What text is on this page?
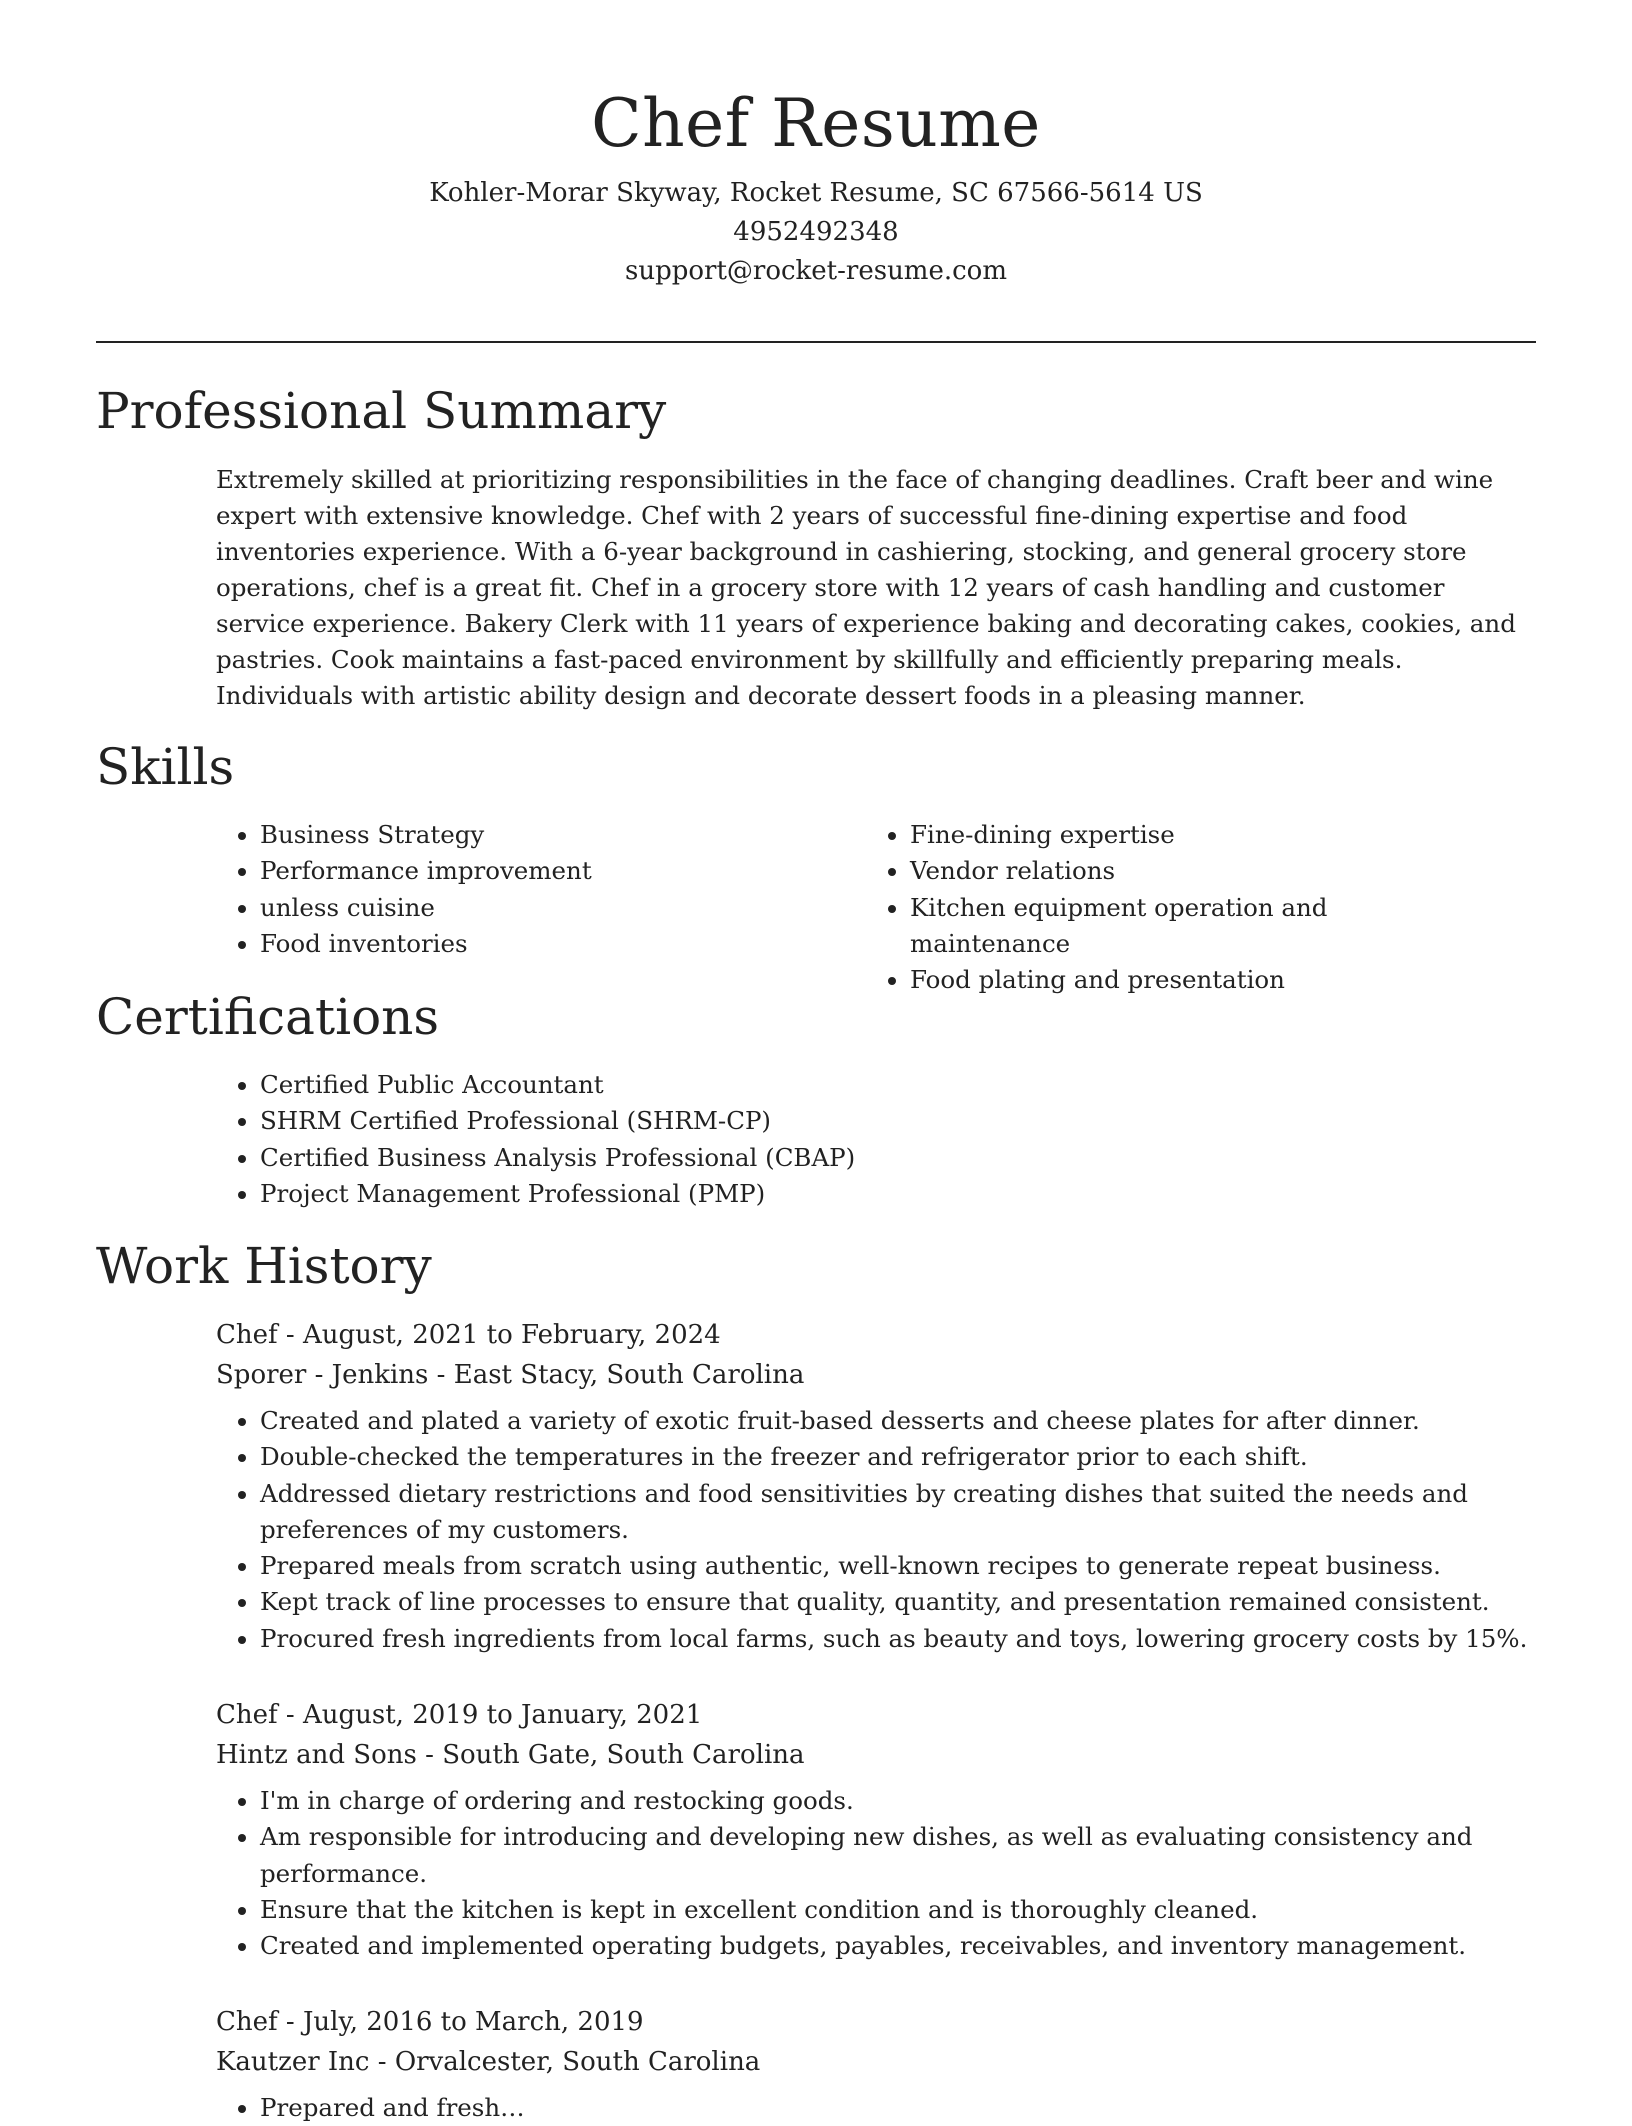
Chef Resume

Kohler-Morar Skyway, Rocket Resume, SC 67566-5614 US

4952492348

support@rocket-resume.com

Professional Summary

Extremely skilled at prioritizing responsibilities in the face of changing deadlines. Craft beer and wine expert with extensive knowledge. Chef with 2 years of successful fine-dining expertise and food inventories experience. With a 6-year background in cashiering, stocking, and general grocery store operations, chef is a great fit. Chef in a grocery store with 12 years of cash handling and customer service experience. Bakery Clerk with 11 years of experience baking and decorating cakes, cookies, and pastries. Cook maintains a fast-paced environment by skillfully and efficiently preparing meals. Individuals with artistic ability design and decorate dessert foods in a pleasing manner.

Skills
• Business Strategy
• Performance improvement
• unless cuisine
• Food inventories
• Fine-dining expertise
• Vendor relations
• Kitchen equipment operation and maintenance
• Food plating and presentation
Certifications
• Certified Public Accountant
• SHRM Certified Professional (SHRM-CP)
• Certified Business Analysis Professional (CBAP)
• Project Management Professional (PMP)
Work History

Chef - August, 2021 to February, 2024

Sporer - Jenkins - East Stacy, South Carolina

• Created and plated a variety of exotic fruit-based desserts and cheese plates for after dinner.
• Double-checked the temperatures in the freezer and refrigerator prior to each shift.
• Addressed dietary restrictions and food sensitivities by creating dishes that suited the needs and preferences of my customers.
• Prepared meals from scratch using authentic, well-known recipes to generate repeat business.
• Kept track of line processes to ensure that quality, quantity, and presentation remained consistent.
• Procured fresh ingredients from local farms, such as beauty and toys, lowering grocery costs by 15%.

Chef - August, 2019 to January, 2021

Hintz and Sons - South Gate, South Carolina

• I'm in charge of ordering and restocking goods.
• Am responsible for introducing and developing new dishes, as well as evaluating consistency and performance.
• Ensure that the kitchen is kept in excellent condition and is thoroughly cleaned.
• Created and implemented operating budgets, payables, receivables, and inventory management.

Chef - July, 2016 to March, 2019

Kautzer Inc - Orvalcester, South Carolina

• Prepared and fresh…
